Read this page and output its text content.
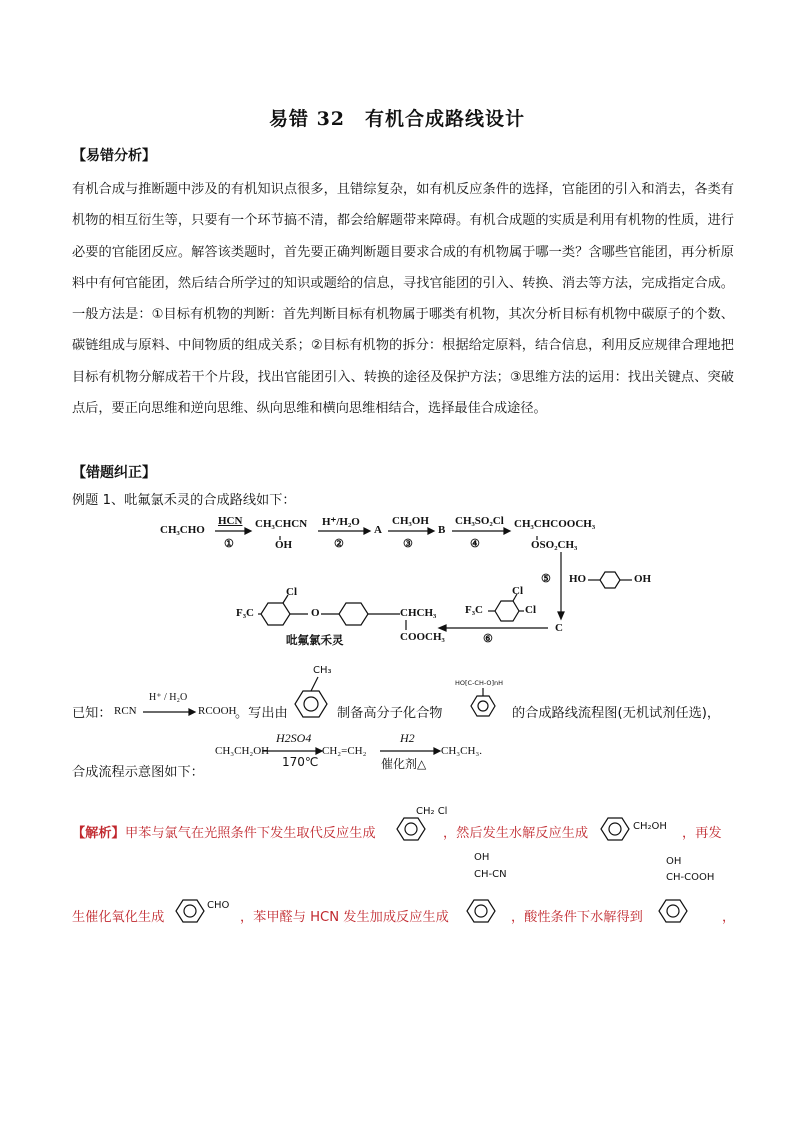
易错 32　有机合成路线设计
【易错分析】

有机合成与推断题中涉及的有机知识点很多，且错综复杂，如有机反应条件的选择，官能团的引入和消去，各类有机物的相互衍生等，只要有一个环节搞不清，都会给解题带来障碍。有机合成题的实质是利用有机物的性质，进行必要的官能团反应。解答该类题时，首先要正确判断题目要求合成的有机物属于哪一类？含哪些官能团，再分析原料中有何官能团，然后结合所学过的知识或题给的信息，寻找官能团的引入、转换、消去等方法，完成指定合成。一般方法是：①目标有机物的判断：首先判断目标有机物属于哪类有机物，其次分析目标有机物中碳原子的个数、碳链组成与原料、中间物质的组成关系；②目标有机物的拆分：根据给定原料，结合信息，利用反应规律合理地把目标有机物分解成若干个片段，找出官能团引入、转换的途径及保护方法；③思维方法的运用：找出关键点、突破点后，要正向思维和逆向思维、纵向思维和横向思维相结合，选择最佳合成途径。

【错题纠正】
例题 1、吡氟氯禾灵的合成路线如下：
CH₃CHO
HCN
①
CH₃CHCN
OH
H⁺/H₂O
②
A
CH₃OH
③
B
CH₃SO₂Cl
④
CH₃CHCOOCH₃
OSO₂CH₃
⑤ HO	OH
C
⑥
F₃C
Cl
Cl
F₃C
Cl
O	CHCH₃
COOCH₃
吡氟氯禾灵
已知： RCN
H⁺ / H₂O
RCOOH
。写出由
CH₃
制备高分子化合物
HO[C-CH-O]nH
的合成路线流程图(无机试剂任选)，
CH₃CH₂OH
H2SO4
170℃
CH₂=CH₂
H2
催化剂△
CH₃CH₃.
合成流程示意图如下：
【解析】 甲苯与氯气在光照条件下发生取代反应生成
CH₂ Cl
，然后发生水解反应生成	CH₂OH ，再发
生催化氧化生成
CHO
，苯甲醛与 HCN 发生加成反应生成
OH
CH-CN
，酸性条件下水解得到
OH
CH-COOH
，
